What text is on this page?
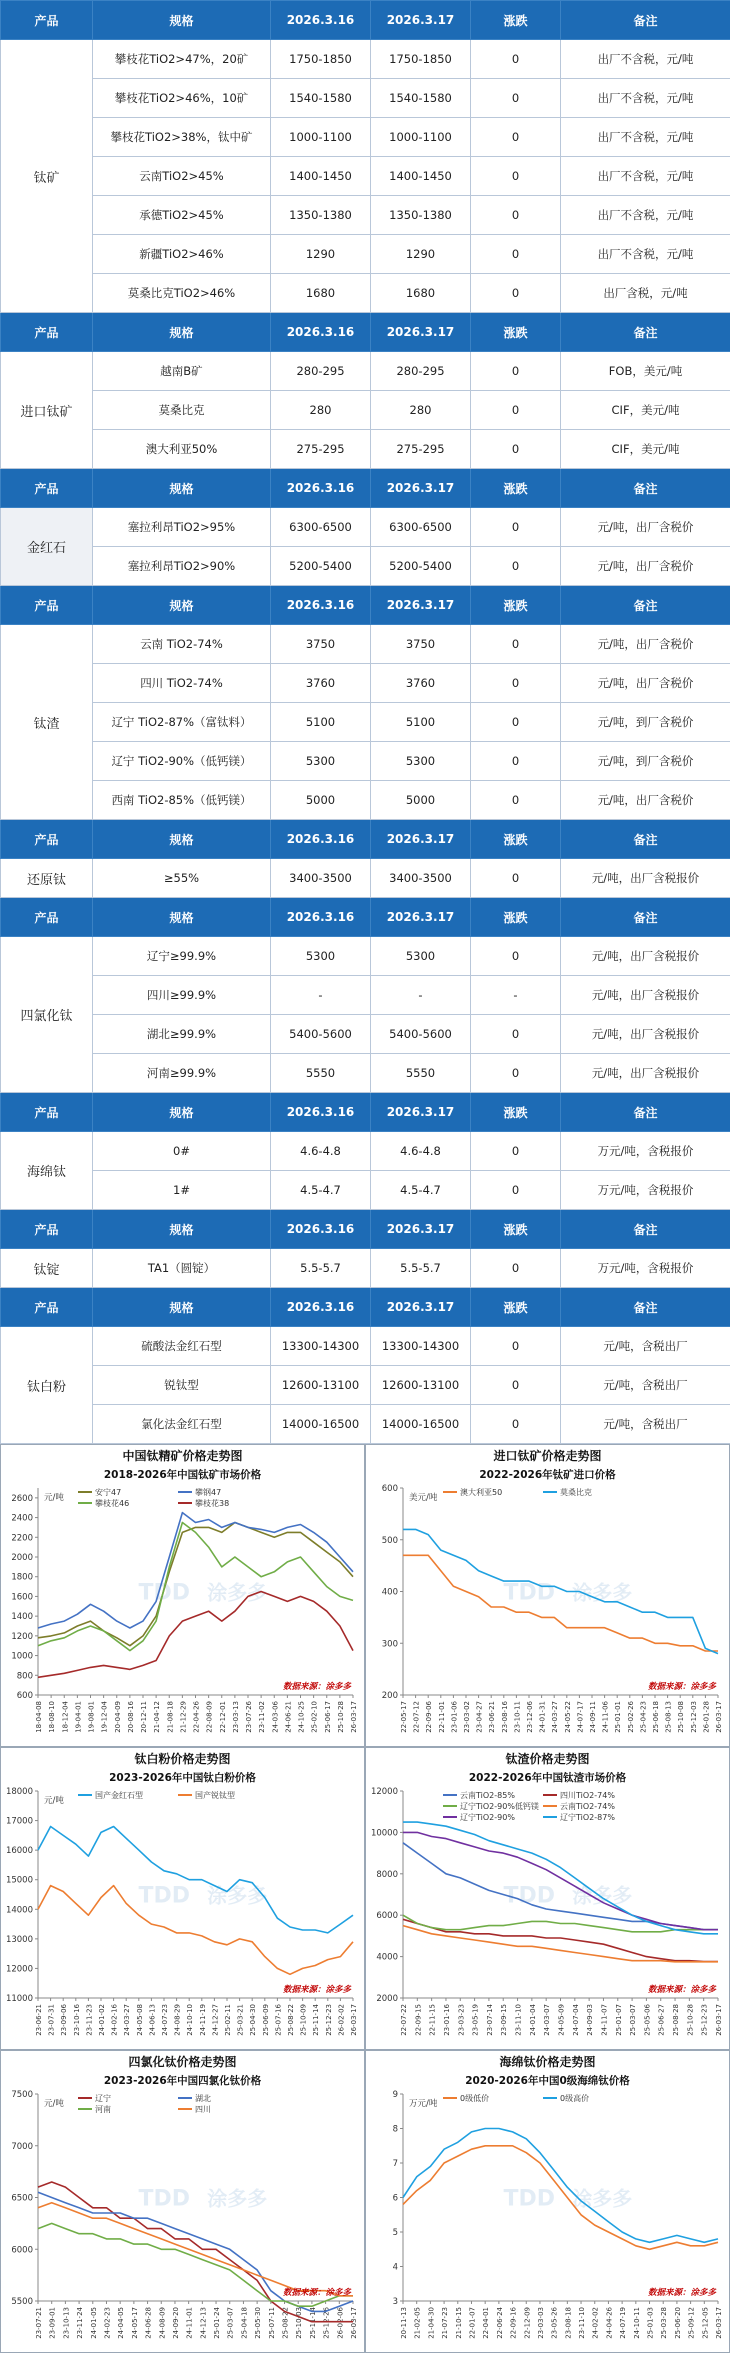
产品	规格	2026.3.16	2026.3.17	涨跌	备注
钛矿	攀枝花TiO2>47%，20矿	1750-1850	1750-1850	0	出厂不含税，元/吨
	攀枝花TiO2>46%，10矿	1540-1580	1540-1580	0	出厂不含税，元/吨
	攀枝花TiO2>38%，钛中矿	1000-1100	1000-1100	0	出厂不含税，元/吨
	云南TiO2>45%	1400-1450	1400-1450	0	出厂不含税，元/吨
	承德TiO2>45%	1350-1380	1350-1380	0	出厂不含税，元/吨
	新疆TiO2>46%	1290	1290	0	出厂不含税，元/吨
	莫桑比克TiO2>46%	1680	1680	0	出厂含税，元/吨
产品	规格	2026.3.16	2026.3.17	涨跌	备注
进口钛矿	越南B矿	280-295	280-295	0	FOB，美元/吨
	莫桑比克	280	280	0	CIF，美元/吨
	澳大利亚50%	275-295	275-295	0	CIF，美元/吨
产品	规格	2026.3.16	2026.3.17	涨跌	备注
金红石	塞拉利昂TiO2>95%	6300-6500	6300-6500	0	元/吨，出厂含税价
	塞拉利昂TiO2>90%	5200-5400	5200-5400	0	元/吨，出厂含税价
产品	规格	2026.3.16	2026.3.17	涨跌	备注
钛渣	云南 TiO2-74%	3750	3750	0	元/吨，出厂含税价
	四川 TiO2-74%	3760	3760	0	元/吨，出厂含税价
	辽宁 TiO2-87%（富钛料）	5100	5100	0	元/吨，到厂含税价
	辽宁 TiO2-90%（低钙镁）	5300	5300	0	元/吨，到厂含税价
	西南 TiO2-85%（低钙镁）	5000	5000	0	元/吨，出厂含税价
产品	规格	2026.3.16	2026.3.17	涨跌	备注
还原钛	≥55%	3400-3500	3400-3500	0	元/吨，出厂含税报价
产品	规格	2026.3.16	2026.3.17	涨跌	备注
四氯化钛	辽宁≥99.9%	5300	5300	0	元/吨，出厂含税报价
	四川≥99.9%	-	-	-	元/吨，出厂含税报价
	湖北≥99.9%	5400-5600	5400-5600	0	元/吨，出厂含税报价
	河南≥99.9%	5550	5550	0	元/吨，出厂含税报价
产品	规格	2026.3.16	2026.3.17	涨跌	备注
海绵钛	0#	4.6-4.8	4.6-4.8	0	万元/吨，含税报价
	1#	4.5-4.7	4.5-4.7	0	万元/吨，含税报价
产品	规格	2026.3.16	2026.3.17	涨跌	备注
钛锭	TA1（圆锭）	5.5-5.7	5.5-5.7	0	万元/吨，含税报价
产品	规格	2026.3.16	2026.3.17	涨跌	备注
钛白粉	硫酸法金红石型	13300-14300	13300-14300	0	元/吨，含税出厂
	锐钛型	12600-13100	12600-13100	0	元/吨，含税出厂
	氯化法金红石型	14000-16500	14000-16500	0	元/吨，含税出厂
中国钛精矿价格走势图
2018-2026年中国钛矿市场价格
600
800
1000
1200
1400
1600
1800
2000
2200
2400
2600 元/吨
18-04-08 18-08-10 18-12-04 19-04-01 19-08-01 19-12-04 20-04-09 20-08-16 20-12-11 21-04-12 21-08-18 21-12-29 22-04-26 22-08-09 22-12-01 23-03-13 23-07-26 23-11-02 24-03-06 24-06-21 24-10-25 25-02-10 25-06-17 25-10-28 26-03-17
TDD 涂多多
安宁47	攀钢47
攀枝花46	攀枝花38
数据来源：涂多多
进口钛矿价格走势图
2022-2026年钛矿进口价格
200
300
400
500
600
美元/吨
22-05-17 22-07-12 22-09-06 22-11-01 23-01-06 23-03-02 23-04-27 23-06-21 23-08-16 23-10-11 23-12-06 24-01-31 24-03-27 24-05-22 24-07-17 24-09-11 24-11-06 25-01-01 25-02-26 25-04-23 25-06-18 25-08-13 25-10-08 25-12-03 26-01-28 26-03-17
TDD 涂多多
澳大利亚50	莫桑比克
数据来源：涂多多
钛白粉价格走势图
2023-2026年中国钛白粉价格
11000
12000
13000
14000
15000
16000
17000
18000
元/吨
23-06-21 23-07-31 23-09-06 23-10-16 23-11-23 24-01-02 24-02-16 24-03-27 24-05-08 24-06-13 24-07-23 24-08-29 24-10-10 24-11-19 24-12-27 25-02-11 25-03-21 25-04-30 25-06-09 25-07-16 25-08-22 25-10-09 25-11-14 25-12-23 26-02-02 26-03-17
TDD 涂多多
国产金红石型	国产锐钛型
数据来源：涂多多
钛渣价格走势图
2022-2026年中国钛渣市场价格
2000
4000
6000
8000
10000
12000
22-07-22 22-09-15 22-11-15 23-01-16 23-03-23 23-05-19 23-07-14 23-09-15 23-11-10 24-01-04 24-03-07 24-05-09 24-07-04 24-09-03 24-11-07 25-01-07 25-03-07 25-05-06 25-06-27 25-08-28 25-10-28 25-12-23 26-03-17
TDD 涂多多
云南TiO2-85%	四川TiO2-74%
辽宁TiO2-90%低钙镁	云南TiO2-74%
辽宁TiO2-90%	辽宁TiO2-87%
数据来源：涂多多
四氯化钛价格走势图
2023-2026年中国四氯化钛价格
5500
6000
6500
7000
7500
元/吨
23-07-21 23-09-01 23-10-13 23-11-24 24-01-05 24-02-23 24-04-05 24-05-17 24-06-28 24-08-09 24-09-20 24-11-01 24-12-13 25-01-24 25-03-07 25-04-18 25-05-30 25-07-11 25-08-22 25-10-03 25-11-14 25-12-26 26-02-06 26-03-17
TDD 涂多多
辽宁	湖北
河南	四川
数据来源：涂多多
海绵钛价格走势图
2020-2026年中国0级海绵钛价格
3
4
5
6
7
8
9
万元/吨
20-11-13 21-02-05 21-04-30 21-07-23 21-10-15 22-01-07 22-04-01 22-06-24 22-09-16 22-12-09 23-03-03 23-05-26 23-08-18 23-11-10 24-02-02 24-04-26 24-07-19 24-10-11 25-01-03 25-03-28 25-06-20 25-09-12 25-12-05 26-03-17
TDD 涂多多
0级低价	0级高价
数据来源：涂多多
